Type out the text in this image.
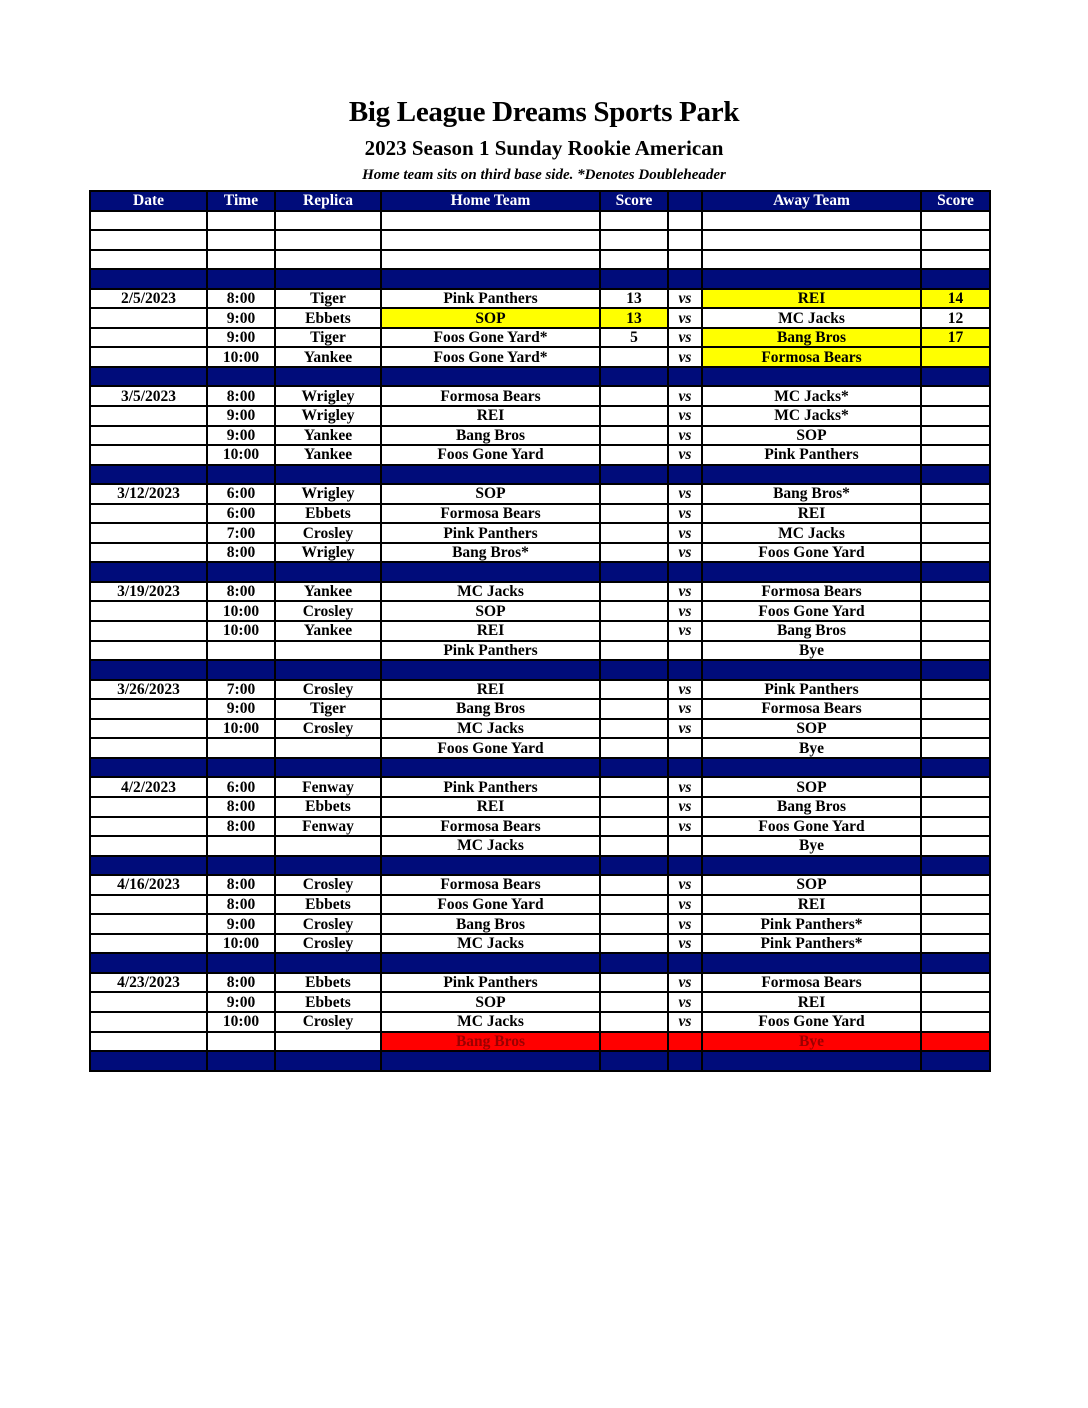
Big League Dreams Sports Park
2023 Season 1 Sunday Rookie American
Home team sits on third base side. *Denotes Doubleheader
Date	Time	Replica	Home Team	Score		Away Team	Score

2/5/2023	8:00	Tiger	Pink Panthers	13	vs	REI	14
	9:00	Ebbets	SOP	13	vs	MC Jacks	12
	9:00	Tiger	Foos Gone Yard*	5	vs	Bang Bros	17
	10:00	Yankee	Foos Gone Yard*		vs	Formosa Bears	

3/5/2023	8:00	Wrigley	Formosa Bears		vs	MC Jacks*	
	9:00	Wrigley	REI		vs	MC Jacks*	
	9:00	Yankee	Bang Bros		vs	SOP	
	10:00	Yankee	Foos Gone Yard		vs	Pink Panthers	

3/12/2023	6:00	Wrigley	SOP		vs	Bang Bros*	
	6:00	Ebbets	Formosa Bears		vs	REI	
	7:00	Crosley	Pink Panthers		vs	MC Jacks	
	8:00	Wrigley	Bang Bros*		vs	Foos Gone Yard	

3/19/2023	8:00	Yankee	MC Jacks		vs	Formosa Bears	
	10:00	Crosley	SOP		vs	Foos Gone Yard	
	10:00	Yankee	REI		vs	Bang Bros	
			Pink Panthers			Bye	

3/26/2023	7:00	Crosley	REI		vs	Pink Panthers	
	9:00	Tiger	Bang Bros		vs	Formosa Bears	
	10:00	Crosley	MC Jacks		vs	SOP	
			Foos Gone Yard			Bye	

4/2/2023	6:00	Fenway	Pink Panthers		vs	SOP	
	8:00	Ebbets	REI		vs	Bang Bros	
	8:00	Fenway	Formosa Bears		vs	Foos Gone Yard	
			MC Jacks			Bye	

4/16/2023	8:00	Crosley	Formosa Bears		vs	SOP	
	8:00	Ebbets	Foos Gone Yard		vs	REI	
	9:00	Crosley	Bang Bros		vs	Pink Panthers*	
	10:00	Crosley	MC Jacks		vs	Pink Panthers*	

4/23/2023	8:00	Ebbets	Pink Panthers		vs	Formosa Bears	
	9:00	Ebbets	SOP		vs	REI	
	10:00	Crosley	MC Jacks		vs	Foos Gone Yard	
			Bang Bros			Bye	
